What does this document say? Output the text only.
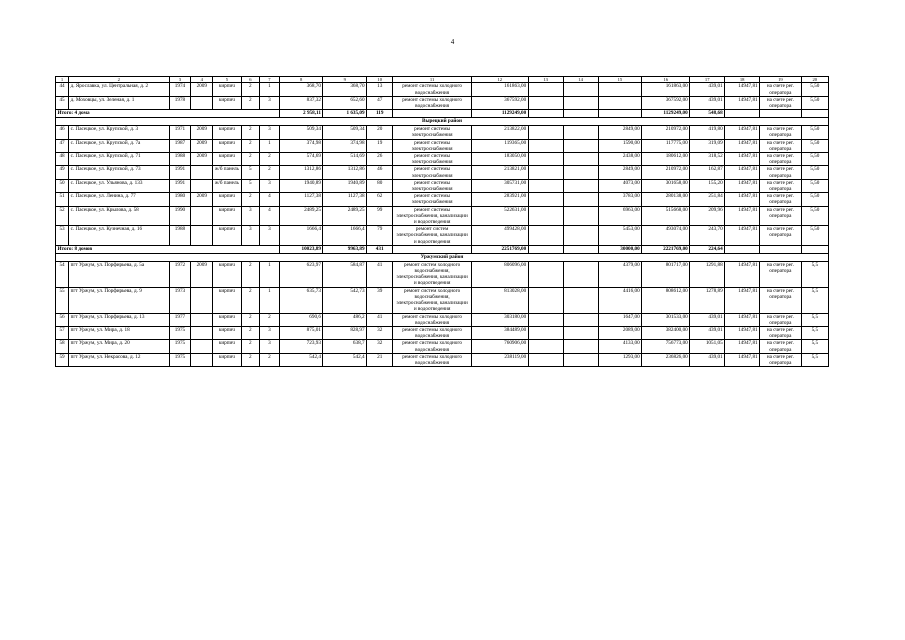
4
1	2	3	4	5	6	7	8	9	10	11	12	13	14	15	16	17	18	19	20
44	д. Ярославка, ул. Центральная, д. 2	1974	2009	кирпич	2	1	368,70	368,70	13	ремонт системы холодного водоснабжения	161863,00				161863,00	439,01	14947,81	на счете рег. оператора	5,50
45	д. Моховцы, ул. Зеленая, д. 1	1978		кирпич	2	3	837,32	652,60	47	ремонт системы холодного водоснабжения	367592,00				367592,00	439,01	14947,81	на счете рег. оператора	5,50
Итого: 4 дома							2 958,11	1 635,09	119		1129249,00				1129249,00	548,68			
Вырецкий район																			
46	с. Пасецкое, ул. Крупской, д. 3	1971	2009	кирпич	2	3	509,34	509,34	20	ремонт системы электроснабжения	213822,00			2849,00	210972,00	419,80	14947,81	на счете рег. оператора	5,50
47	с. Пасецкое, ул. Крупской, д. 7а	1987	2009	кирпич	2	1	374,98	374,98	19	ремонт системы электроснабжения	119365,00			1590,00	117775,00	319,09	14947,81	на счете рег. оператора	5,50
48	с. Пасецкое, ул. Крупской, д. 71	1988	2009	кирпич	2	2	574,69	514,69	26	ремонт системы электроснабжения	183050,00			2438,00	180612,00	318,52	14947,81	на счете рег. оператора	5,50
49	с. Пасецкое, ул. Крупской, д. 73	1991		ж/б панель	5	2	1312,86	1312,86	46	ремонт системы электроснабжения	213821,00			2849,00	210972,00	162,87	14947,81	на счете рег. оператора	5,50
50	с. Пасецкое, ул. Ульянова, д. 133	1991		ж/б панель	5	3	1940,89	1940,89	80	ремонт системы электроснабжения	305731,00			4073,00	301658,00	155,20	14947,81	на счете рег. оператора	5,50
51	с. Пасецкое, ул. Ленина, д. 77	1980	2009	кирпич	2	4	1127,38	1127,38	62	ремонт системы электроснабжения	283921,00			3783,00	280138,00	251,84	14947,81	на счете рег. оператора	5,50
52	с. Пасецкое, ул. Крылова, д. 58	1990		кирпич	3	4	2489,25	2489,25	99	ремонт системы электроснабжения, канализации и водоотведения	522631,00			6963,00	515668,00	209,96	14947,81	на счете рег. оператора	5,50
53	с. Пасецкое, ул. Кузнечная, д. 16	1988		кирпич	3	3	1666,4	1666,4	79	ремонт систем электроснабжения, канализации и водоотведения	499428,00			5453,00	493074,00	243,70	14947,81	на счете рег. оператора	5,50
Итого: 8 домов							10023,89	9963,89	431		2251769,00			30000,00	2221769,00	224,64			
Уржумский район																			
54	пгт Уржум, ул. Порфирьева, д. 5а	1972	2009	кирпич	2	1	623,97	584,87	41	ремонт систем холодного водоснабжения, электроснабжения, канализации и водоотведения	806096,00			4379,00	801717,00	1291,88	14947,81	на счете рег. оператора	5,5
55	пгт Уржум, ул. Порфирьева, д. 9	1973		кирпич	2	1	635,73	542,73	39	ремонт систем холодного водоснабжения, электроснабжения, канализации и водоотведения	813028,00			4416,00	808612,00	1278,89	14947,81	на счете рег. оператора	5,5
56	пгт Уржум, ул. Порфирьева, д. 13	1977		кирпич	2	2	690,6	486,2	41	ремонт системы холодного водоснабжения	303180,00			1647,00	301533,00	439,01	14947,81	на счете рег. оператора	5,5
57	пгт Уржум, ул. Мира, д. 18	1975		кирпич	2	3	875,01	828,97	32	ремонт системы холодного водоснабжения	384489,00			2089,00	382400,00	439,01	14947,81	на счете рег. оператора	5,5
58	пгт Уржум, ул. Мира, д. 20	1975		кирпич	2	3	723,93	638,7	32	ремонт системы холодного водоснабжения	760906,00			4133,00	756773,00	1051,05	14947,81	на счете рег. оператора	5,5
59	пгт Уржум, ул. Некрасова, д. 12	1975		кирпич	2	2	542,4	542,4	21	ремонт системы холодного водоснабжения	238119,00			1293,00	236826,00	439,01	14947,81	на счете рег. оператора	5,5
